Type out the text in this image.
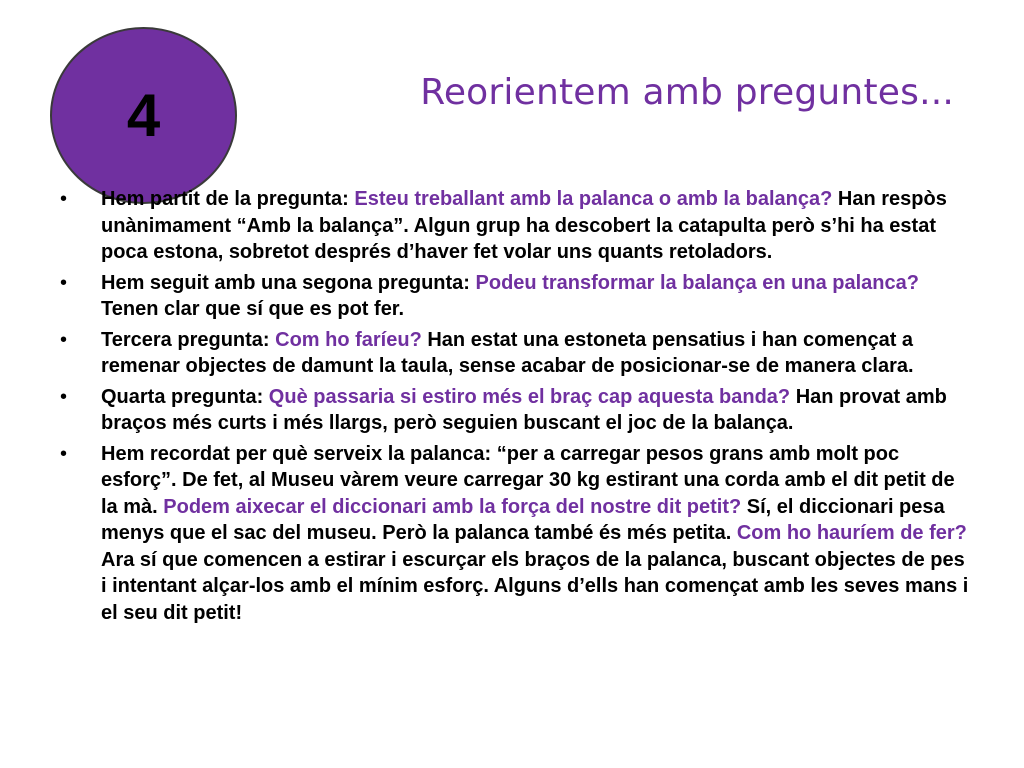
4	Reorientem amb preguntes...
• Hem partit de la pregunta: Esteu treballant amb la palanca o amb la balança? Han respòs unànimament “Amb la balança”. Algun grup ha descobert la catapulta però s’hi ha estat poca estona, sobretot després d’haver fet volar uns quants retoladors.
• Hem seguit amb una segona pregunta: Podeu transformar la balança en una palanca? Tenen clar que sí que es pot fer.
• Tercera pregunta: Com ho faríeu? Han estat una estoneta pensatius i han començat a remenar objectes de damunt la taula, sense acabar de posicionar-se de manera clara.
• Quarta pregunta: Què passaria si estiro més el braç cap aquesta banda? Han provat amb braços més curts i més llargs, però seguien buscant el joc de la balança.
• Hem recordat per què serveix la palanca: “per a carregar pesos grans amb molt poc esforç”. De fet, al Museu vàrem veure carregar 30 kg estirant una corda amb el dit petit de la mà. Podem aixecar el diccionari amb la força del nostre dit petit? Sí, el diccionari pesa menys que el sac del museu. Però la palanca també és més petita. Com ho hauríem de fer? Ara sí que comencen a estirar i escurçar els braços de la palanca, buscant objectes de pes i intentant alçar-los amb el mínim esforç. Alguns d’ells han començat amb les seves mans i el seu dit petit!
